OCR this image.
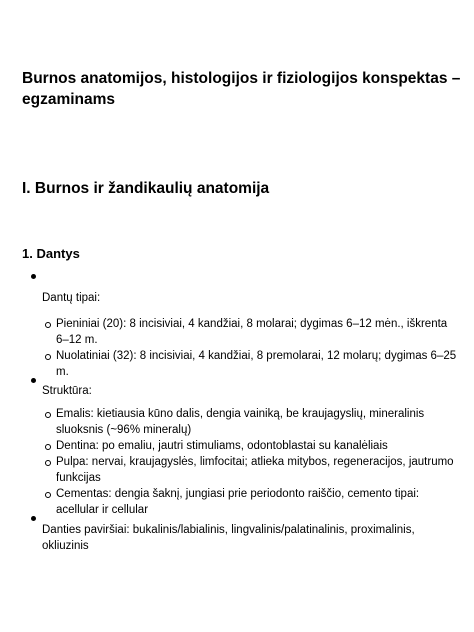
Burnos anatomijos, histologijos ir fiziologijos konspektas – egzaminams
I. Burnos ir žandikaulių anatomija
1. Dantys

Dantų tipai:

Pieniniai (20): 8 incisiviai, 4 kandžiai, 8 molarai; dygimas 6–12 mėn., iškrenta 6–12 m.
Nuolatiniai (32): 8 incisiviai, 4 kandžiai, 8 premolarai, 12 molarų; dygimas 6–25 m.

Struktūra:

Emalis: kietiausia kūno dalis, dengia vainiką, be kraujagyslių, mineralinis sluoksnis (~96% mineralų)
Dentina: po emaliu, jautri stimuliams, odontoblastai su kanalėliais
Pulpa: nervai, kraujagyslės, limfocitai; atlieka mitybos, regeneracijos, jautrumo funkcijas
Cementas: dengia šaknį, jungiasi prie periodonto raiščio, cemento tipai: acellular ir cellular

Danties paviršiai: bukalinis/labialinis, lingvalinis/palatinalinis, proximalinis, okliuzinis
